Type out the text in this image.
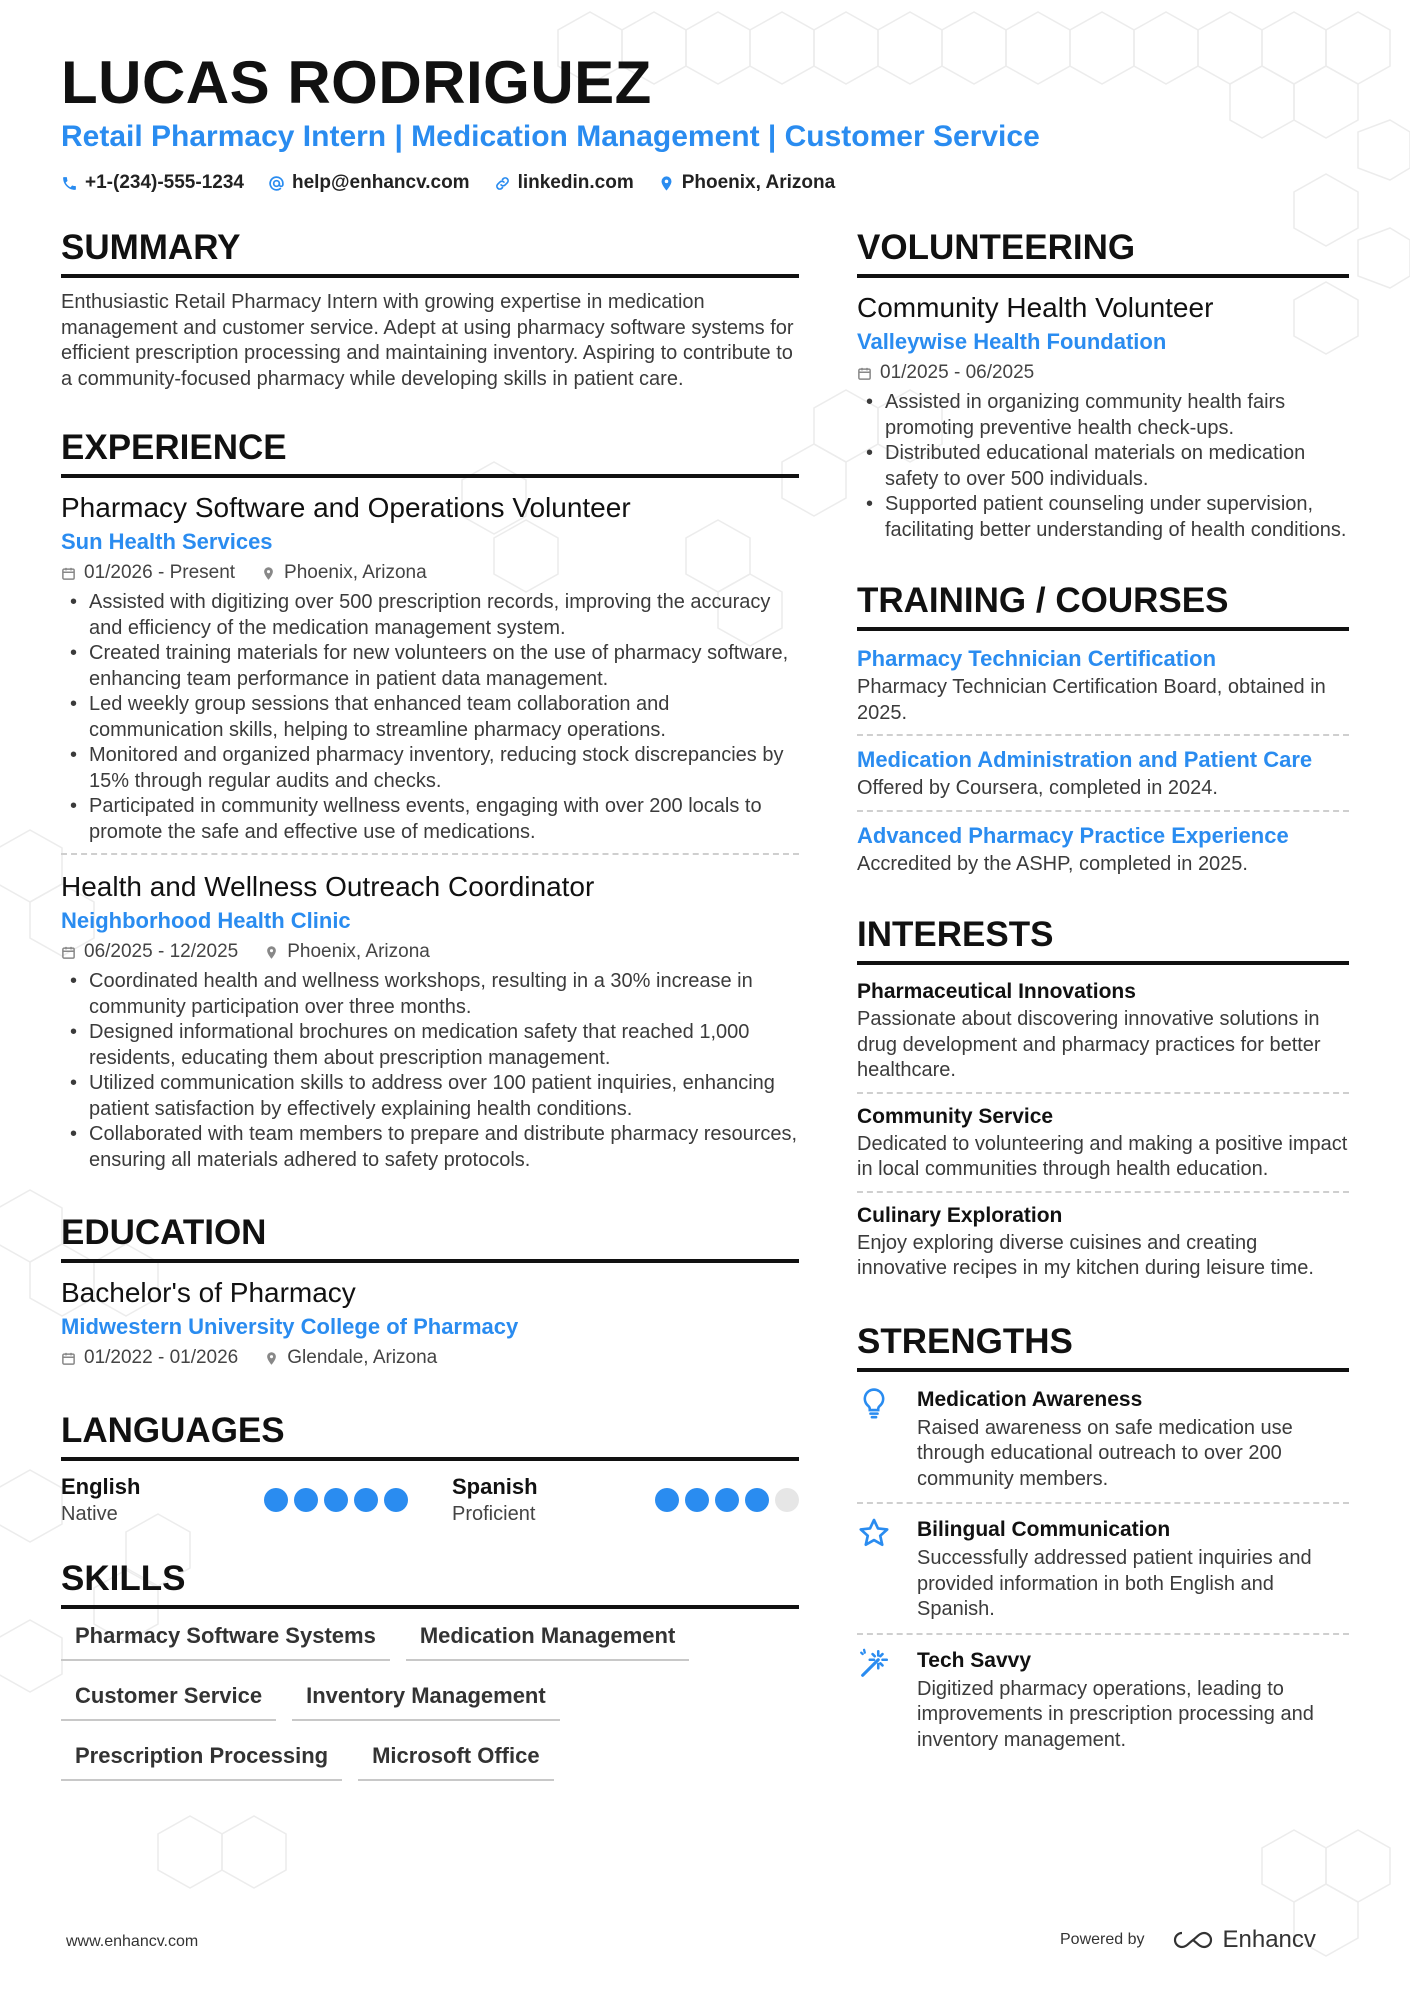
LUCAS RODRIGUEZ
Retail Pharmacy Intern | Medication Management | Customer Service
+1-(234)-555-1234	help@enhancv.com	linkedin.com	Phoenix, Arizona
SUMMARY
Enthusiastic Retail Pharmacy Intern with growing expertise in medication management and customer service. Adept at using pharmacy software systems for efficient prescription processing and maintaining inventory. Aspiring to contribute to a community-focused pharmacy while developing skills in patient care.
EXPERIENCE
Pharmacy Software and Operations Volunteer
Sun Health Services
01/2026 - Present	Phoenix, Arizona
• Assisted with digitizing over 500 prescription records, improving the accuracy and efficiency of the medication management system.
• Created training materials for new volunteers on the use of pharmacy software, enhancing team performance in patient data management.
• Led weekly group sessions that enhanced team collaboration and communication skills, helping to streamline pharmacy operations.
• Monitored and organized pharmacy inventory, reducing stock discrepancies by 15% through regular audits and checks.
• Participated in community wellness events, engaging with over 200 locals to promote the safe and effective use of medications.
Health and Wellness Outreach Coordinator
Neighborhood Health Clinic
06/2025 - 12/2025	Phoenix, Arizona
• Coordinated health and wellness workshops, resulting in a 30% increase in community participation over three months.
• Designed informational brochures on medication safety that reached 1,000 residents, educating them about prescription management.
• Utilized communication skills to address over 100 patient inquiries, enhancing patient satisfaction by effectively explaining health conditions.
• Collaborated with team members to prepare and distribute pharmacy resources, ensuring all materials adhered to safety protocols.
EDUCATION
Bachelor's of Pharmacy
Midwestern University College of Pharmacy
01/2022 - 01/2026	Glendale, Arizona
LANGUAGES
English
Native
Spanish
Proficient
SKILLS
Pharmacy Software Systems	Medication Management
Customer Service	Inventory Management
Prescription Processing	Microsoft Office
VOLUNTEERING
Community Health Volunteer
Valleywise Health Foundation
01/2025 - 06/2025
• Assisted in organizing community health fairs promoting preventive health check-ups.
• Distributed educational materials on medication safety to over 500 individuals.
• Supported patient counseling under supervision, facilitating better understanding of health conditions.
TRAINING / COURSES
Pharmacy Technician Certification
Pharmacy Technician Certification Board, obtained in 2025.
Medication Administration and Patient Care
Offered by Coursera, completed in 2024.
Advanced Pharmacy Practice Experience
Accredited by the ASHP, completed in 2025.
INTERESTS
Pharmaceutical Innovations
Passionate about discovering innovative solutions in drug development and pharmacy practices for better healthcare.
Community Service
Dedicated to volunteering and making a positive impact in local communities through health education.
Culinary Exploration
Enjoy exploring diverse cuisines and creating innovative recipes in my kitchen during leisure time.
STRENGTHS
Medication Awareness
Raised awareness on safe medication use through educational outreach to over 200 community members.
Bilingual Communication
Successfully addressed patient inquiries and provided information in both English and Spanish.
Tech Savvy
Digitized pharmacy operations, leading to improvements in prescription processing and inventory management.
www.enhancv.com	Powered by	Enhancv
